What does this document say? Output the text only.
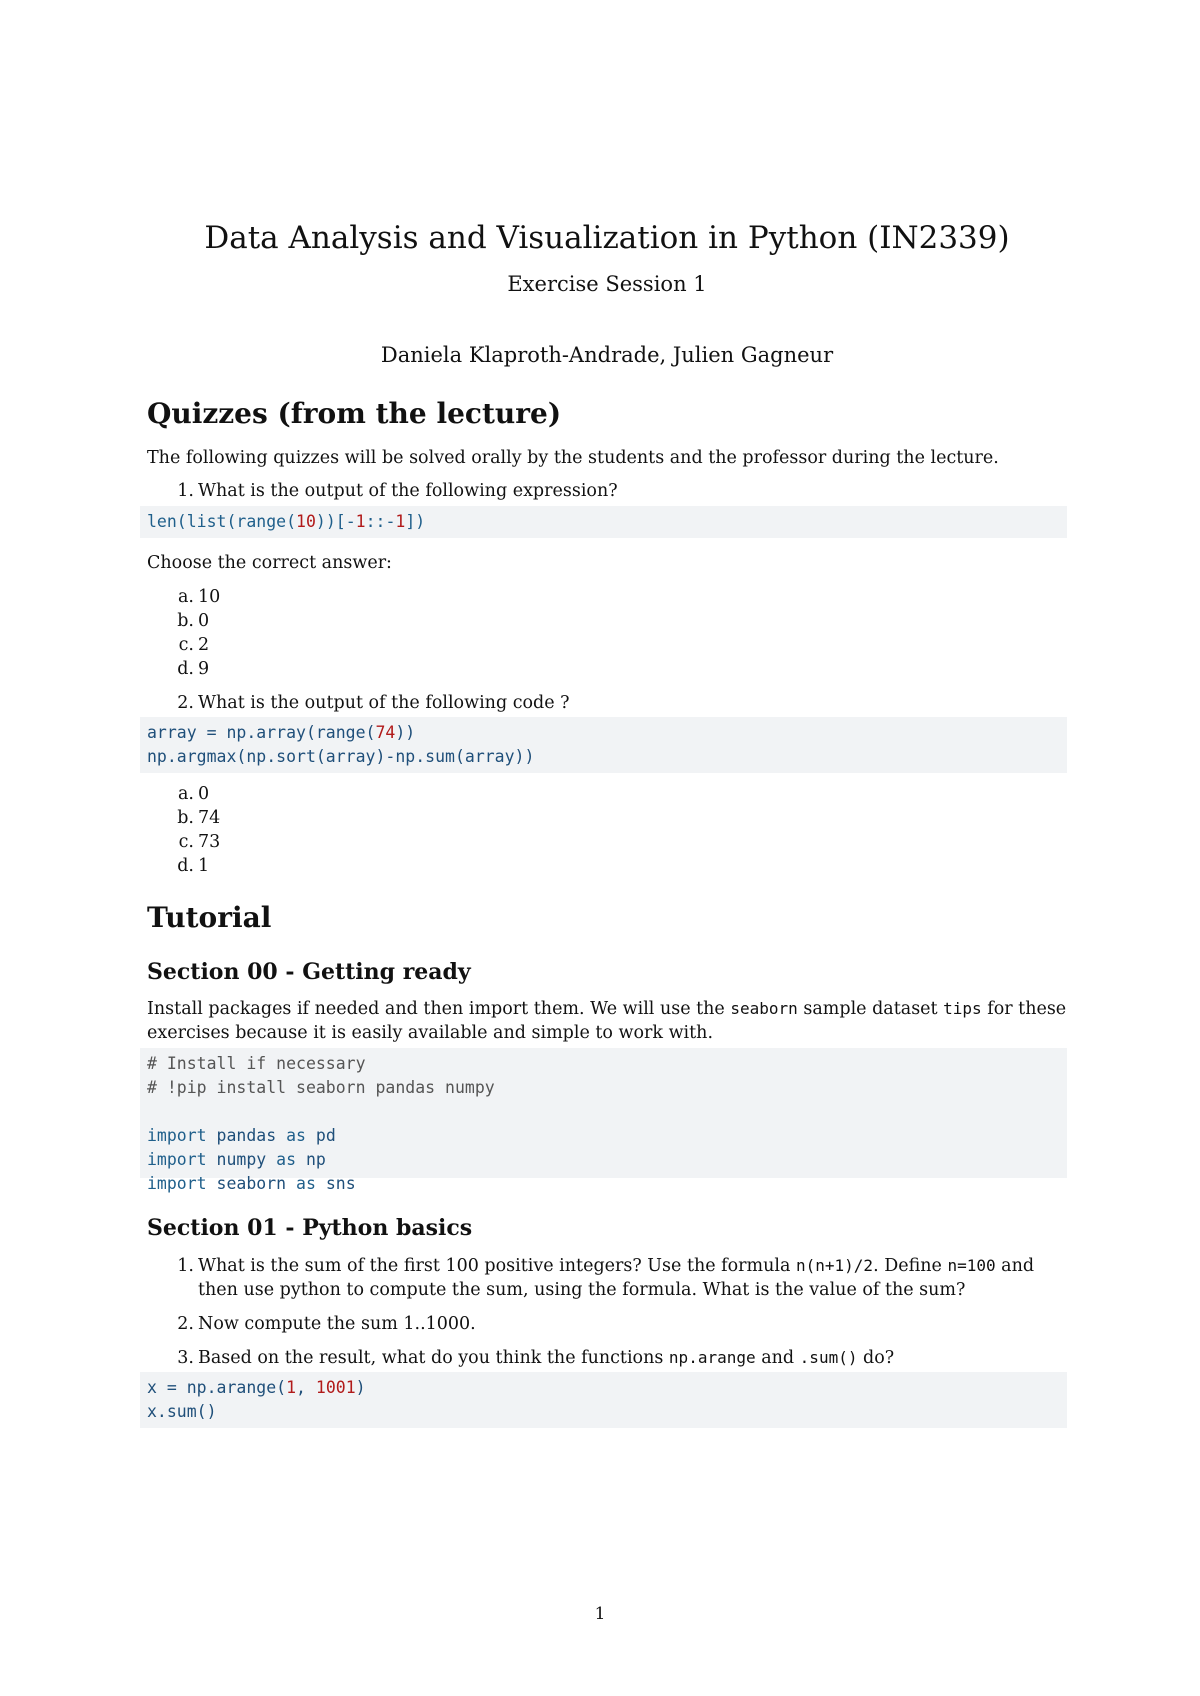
Data Analysis and Visualization in Python (IN2339)
Exercise Session 1
Daniela Klaproth-Andrade, Julien Gagneur
Quizzes (from the lecture)
The following quizzes will be solved orally by the students and the professor during the lecture.
1. What is the output of the following expression?
len(list(range(10))[-1::-1])
Choose the correct answer:
a. 10
b. 0
c. 2
d. 9
2. What is the output of the following code ?
array = np.array(range(74))
np.argmax(np.sort(array)-np.sum(array))
a. 0
b. 74
c. 73
d. 1
Tutorial
Section 00 - Getting ready
Install packages if needed and then import them. We will use the seaborn sample dataset tips for these
exercises because it is easily available and simple to work with.
# Install if necessary
# !pip install seaborn pandas numpy
import pandas as pd
import numpy as np
import seaborn as sns
Section 01 - Python basics
1. What is the sum of the first 100 positive integers? Use the formula n(n+1)/2. Define n=100 and
then use python to compute the sum, using the formula. What is the value of the sum?
2. Now compute the sum 1..1000.
3. Based on the result, what do you think the functions np.arange and .sum() do?
x = np.arange(1, 1001)
x.sum()
1
